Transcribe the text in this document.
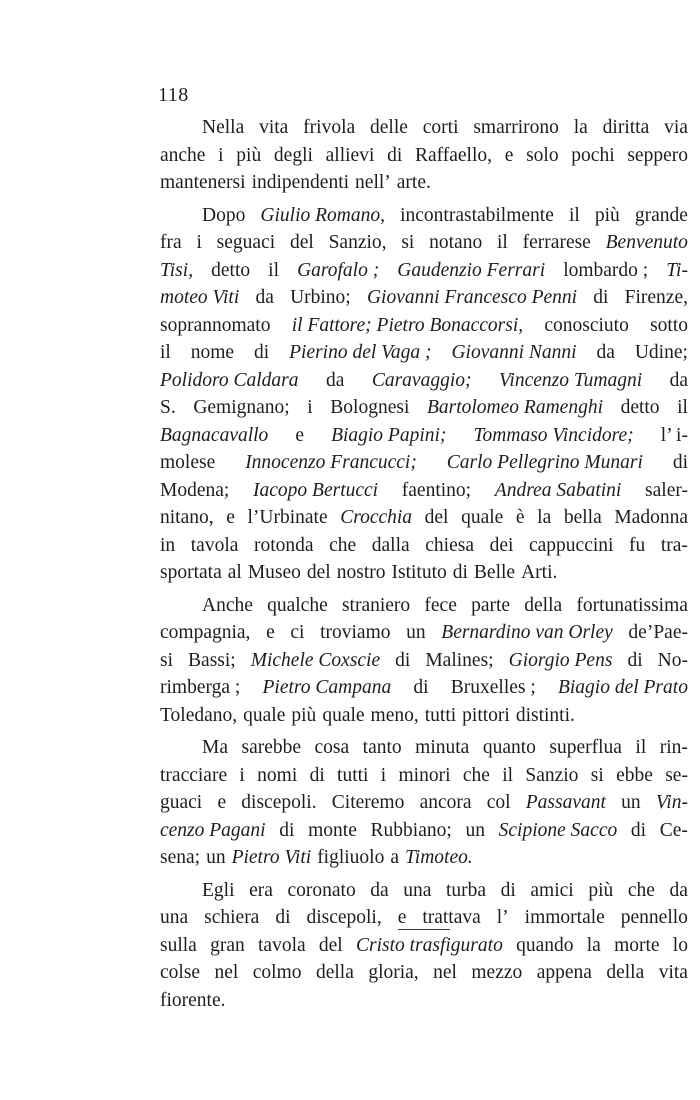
118
Nella vita frivola delle corti smarrirono la diritta via
anche i più degli allievi di Raffaello, e solo pochi seppero
mantenersi indipendenti nell’ arte.
Dopo Giulio Romano, incontrastabilmente il più grande
fra i seguaci del Sanzio, si notano il ferrarese Benvenuto
Tisi, detto il Garofalo ; Gaudenzio Ferrari lombardo ; Ti-
moteo Viti da Urbino; Giovanni Francesco Penni di Firenze,
soprannomato il Fattore; Pietro Bonaccorsi, conosciuto sotto
il nome di Pierino del Vaga ; Giovanni Nanni da Udine;
Polidoro Caldara da Caravaggio; Vincenzo Tumagni da
S. Gemignano; i Bolognesi Bartolomeo Ramenghi detto il
Bagnacavallo e Biagio Papini; Tommaso Vincidore; l’ i-
molese Innocenzo Francucci; Carlo Pellegrino Munari di
Modena; Iacopo Bertucci faentino; Andrea Sabatini saler-
nitano, e l’Urbinate Crocchia del quale è la bella Madonna
in tavola rotonda che dalla chiesa dei cappuccini fu tra-
sportata al Museo del nostro Istituto di Belle Arti.
Anche qualche straniero fece parte della fortunatissima
compagnia, e ci troviamo un Bernardino van Orley de’Pae-
si Bassi; Michele Coxscie di Malines; Giorgio Pens di No-
rimberga ; Pietro Campana di Bruxelles ; Biagio del Prato
Toledano, quale più quale meno, tutti pittori distinti.
Ma sarebbe cosa tanto minuta quanto superflua il rin-
tracciare i nomi di tutti i minori che il Sanzio si ebbe se-
guaci e discepoli. Citeremo ancora col Passavant un Vin-
cenzo Pagani di monte Rubbiano; un Scipione Sacco di Ce-
sena; un Pietro Viti figliuolo a Timoteo.
Egli era coronato da una turba di amici più che da
una schiera di discepoli, e trattava l’ immortale pennello
sulla gran tavola del Cristo trasfigurato quando la morte lo
colse nel colmo della gloria, nel mezzo appena della vita
fiorente.
